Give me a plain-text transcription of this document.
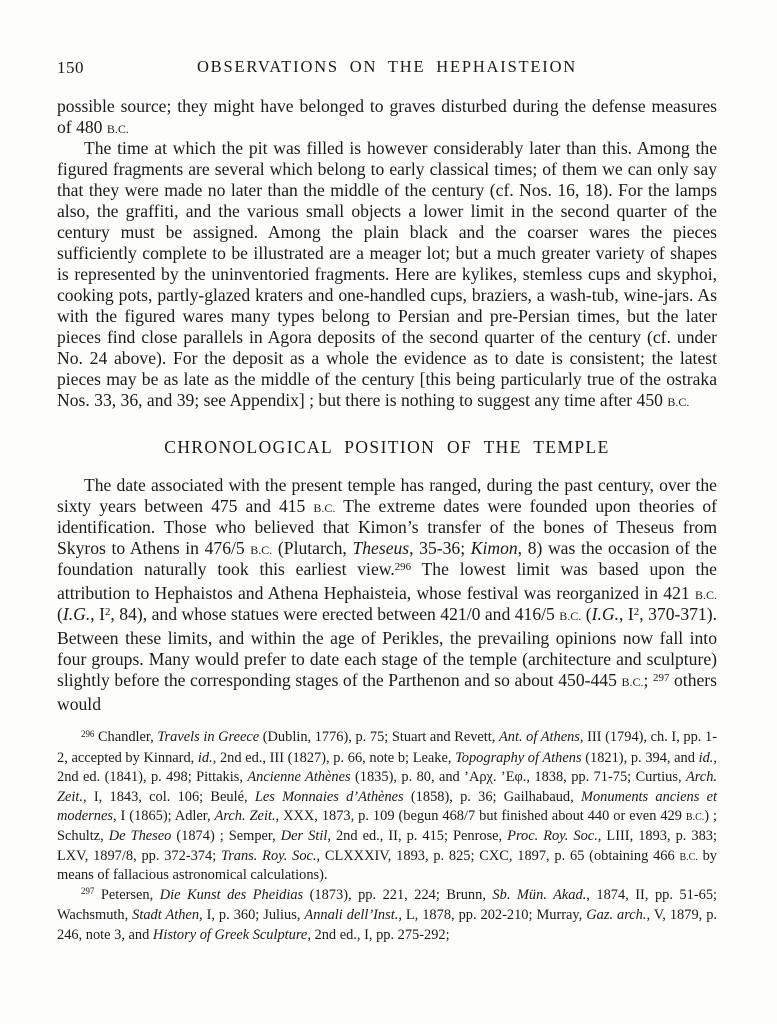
150	OBSERVATIONS ON THE HEPHAISTEION

possible source; they might have belonged to graves disturbed during the defense measures of 480 B.C.

The time at which the pit was filled is however considerably later than this. Among the figured fragments are several which belong to early classical times; of them we can only say that they were made no later than the middle of the century (cf. Nos. 16, 18). For the lamps also, the graffiti, and the various small objects a lower limit in the second quarter of the century must be assigned. Among the plain black and the coarser wares the pieces sufficiently complete to be illustrated are a meager lot; but a much greater variety of shapes is represented by the uninventoried fragments. Here are kylikes, stemless cups and skyphoi, cooking pots, partly-glazed kraters and one-handled cups, braziers, a wash-tub, wine-jars. As with the figured wares many types belong to Persian and pre-Persian times, but the later pieces find close parallels in Agora deposits of the second quarter of the century (cf. under No. 24 above). For the deposit as a whole the evidence as to date is consistent; the latest pieces may be as late as the middle of the century [this being particularly true of the ostraka Nos. 33, 36, and 39; see Appendix] ; but there is nothing to suggest any time after 450 B.C.

CHRONOLOGICAL POSITION OF THE TEMPLE

The date associated with the present temple has ranged, during the past century, over the sixty years between 475 and 415 B.C. The extreme dates were founded upon theories of identification. Those who believed that Kimon’s transfer of the bones of Theseus from Skyros to Athens in 476/5 B.C. (Plutarch, Theseus, 35-36; Kimon, 8) was the occasion of the foundation naturally took this earliest view.$^{296}$ The lowest limit was based upon the attribution to Hephaistos and Athena Hephaisteia, whose festival was reorganized in 421 B.C. (I.G., $I^2$, 84), and whose statues were erected between 421/0 and 416/5 B.C. (I.G., $I^2$, 370-371). Between these limits, and within the age of Perikles, the prevailing opinions now fall into four groups. Many would prefer to date each stage of the temple (architecture and sculpture) slightly before the corresponding stages of the Parthenon and so about 450-445 B.C.; $^{297}$ others would

$^{296}$ Chandler, Travels in Greece (Dublin, 1776), p. 75; Stuart and Revett, Ant. of Athens, III (1794), ch. I, pp. 1-2, accepted by Kinnard, id., 2nd ed., III (1827), p. 66, note b; Leake, Topography of Athens (1821), p. 394, and id., 2nd ed. (1841), p. 498; Pittakis, Ancienne Athènes (1835), p. 80, and ’Αρχ. ’Εφ., 1838, pp. 71-75; Curtius, Arch. Zeit., I, 1843, col. 106; Beulé, Les Monnaies d’Athènes (1858), p. 36; Gailhabaud, Monuments anciens et modernes, I (1865); Adler, Arch. Zeit., XXX, 1873, p. 109 (begun 468/7 but finished about 440 or even 429 B.C.) ; Schultz, De Theseo (1874) ; Semper, Der Stil, 2nd ed., II, p. 415; Penrose, Proc. Roy. Soc., LIII, 1893, p. 383; LXV, 1897/8, pp. 372-374; Trans. Roy. Soc., CLXXXIV, 1893, p. 825; CXC, 1897, p. 65 (obtaining 466 B.C. by means of fallacious astronomical calculations).

$^{297}$ Petersen, Die Kunst des Pheidias (1873), pp. 221, 224; Brunn, Sb. Mün. Akad., 1874, II, pp. 51-65; Wachsmuth, Stadt Athen, I, p. 360; Julius, Annali dell’Inst., L, 1878, pp. 202-210; Murray, Gaz. arch., V, 1879, p. 246, note 3, and History of Greek Sculpture, 2nd ed., I, pp. 275-292;
